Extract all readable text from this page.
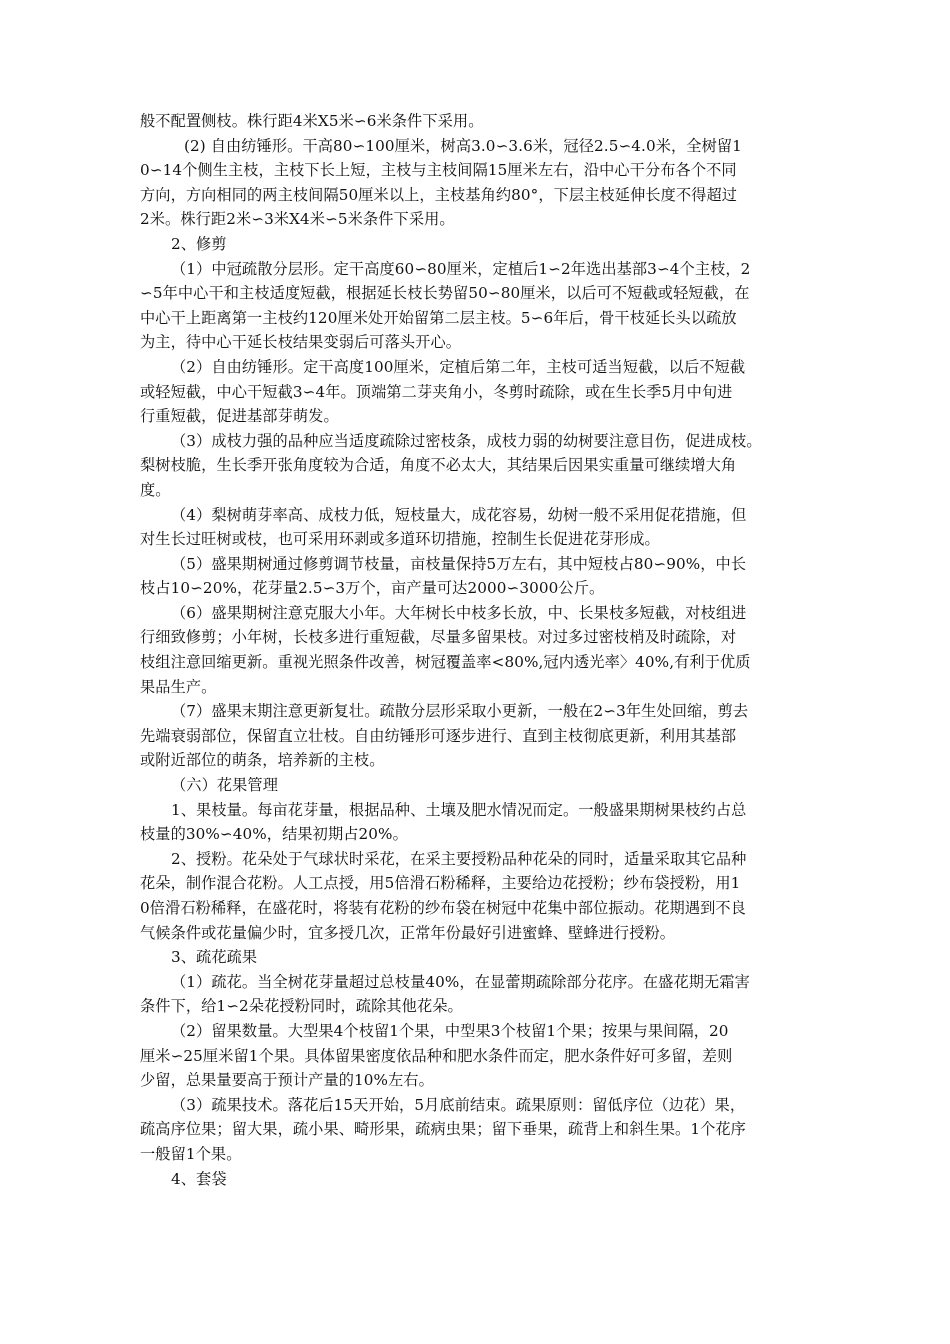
般不配置侧枝。株行距4米X5米∽6米条件下采用。
(2) 自由纺锤形。干高80∽100厘米，树高3.0∽3.6米，冠径2.5∽4.0米，全树留1
0∽14个侧生主枝，主枝下长上短，主枝与主枝间隔15厘米左右，沿中心干分布各个不同
方向，方向相同的两主枝间隔50厘米以上，主枝基角约80°，下层主枝延伸长度不得超过
2米。株行距2米∽3米X4米∽5米条件下采用。
2、修剪
（1）中冠疏散分层形。定干高度60∽80厘米，定植后1∽2年选出基部3∽4个主枝，2
∽5年中心干和主枝适度短截，根据延长枝长势留50∽80厘米，以后可不短截或轻短截，在
中心干上距离第一主枝约120厘米处开始留第二层主枝。5∽6年后，骨干枝延长头以疏放
为主，待中心干延长枝结果变弱后可落头开心。
（2）自由纺锤形。定干高度100厘米，定植后第二年，主枝可适当短截，以后不短截
或轻短截，中心干短截3∽4年。顶端第二芽夹角小，冬剪时疏除，或在生长季5月中旬进
行重短截，促进基部芽萌发。
（3）成枝力强的品种应当适度疏除过密枝条，成枝力弱的幼树要注意目伤，促进成枝。
梨树枝脆，生长季开张角度较为合适，角度不必太大，其结果后因果实重量可继续增大角
度。
（4）梨树萌芽率高、成枝力低，短枝量大，成花容易，幼树一般不采用促花措施，但
对生长过旺树或枝，也可采用环剥或多道环切措施，控制生长促进花芽形成。
（5）盛果期树通过修剪调节枝量，亩枝量保持5万左右，其中短枝占80∽90%，中长
枝占10∽20%，花芽量2.5∽3万个，亩产量可达2000∽3000公斤。
（6）盛果期树注意克服大小年。大年树长中枝多长放，中、长果枝多短截，对枝组进
行细致修剪；小年树，长枝多进行重短截，尽量多留果枝。对过多过密枝梢及时疏除，对
枝组注意回缩更新。重视光照条件改善，树冠覆盖率<80%,冠内透光率〉40%,有利于优质
果品生产。
（7）盛果末期注意更新复壮。疏散分层形采取小更新，一般在2∽3年生处回缩，剪去
先端衰弱部位，保留直立壮枝。自由纺锤形可逐步进行、直到主枝彻底更新，利用其基部
或附近部位的萌条，培养新的主枝。
（六）花果管理
1、果枝量。每亩花芽量，根据品种、土壤及肥水情况而定。一般盛果期树果枝约占总
枝量的30%∽40%，结果初期占20%。
2、授粉。花朵处于气球状时采花，在采主要授粉品种花朵的同时，适量采取其它品种
花朵，制作混合花粉。人工点授，用5倍滑石粉稀释，主要给边花授粉；纱布袋授粉，用1
0倍滑石粉稀释，在盛花时，将装有花粉的纱布袋在树冠中花集中部位振动。花期遇到不良
气候条件或花量偏少时，宜多授几次，正常年份最好引进蜜蜂、壁蜂进行授粉。
3、疏花疏果
（1）疏花。当全树花芽量超过总枝量40%，在显蕾期疏除部分花序。在盛花期无霜害
条件下，给1∽2朵花授粉同时，疏除其他花朵。
（2）留果数量。大型果4个枝留1个果，中型果3个枝留1个果；按果与果间隔，20
厘米∽25厘米留1个果。具体留果密度依品种和肥水条件而定，肥水条件好可多留，差则
少留，总果量要高于预计产量的10%左右。
（3）疏果技术。落花后15天开始，5月底前结束。疏果原则：留低序位（边花）果，
疏高序位果；留大果，疏小果、畸形果，疏病虫果；留下垂果，疏背上和斜生果。1个花序
一般留1个果。
4、套袋
